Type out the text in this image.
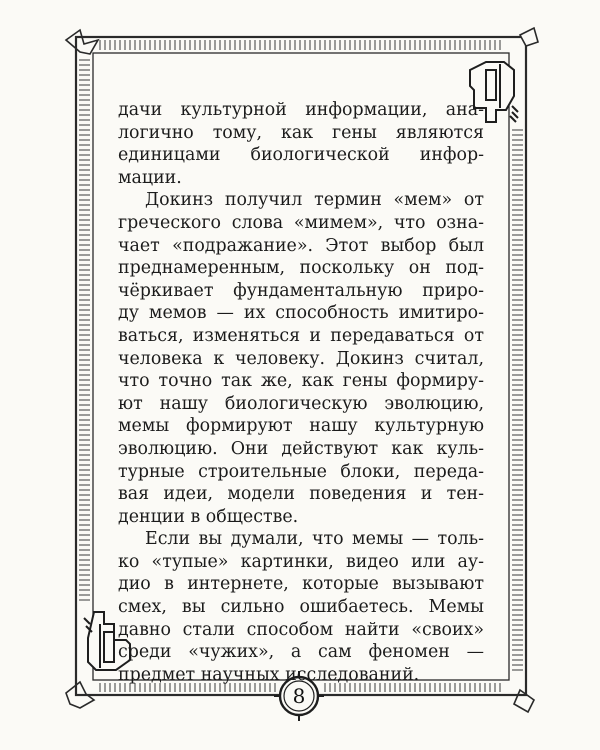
дачи культурной информации, ана-
логично тому, как гены являются
единицами биологической инфор-
мации.
Докинз получил термин «мем» от
греческого слова «мимем», что озна-
чает «подражание». Этот выбор был
преднамеренным, поскольку он под-
чёркивает фундаментальную приро-
ду мемов — их способность имитиро-
ваться, изменяться и передаваться от
человека к человеку. Докинз считал,
что точно так же, как гены формиру-
ют нашу биологическую эволюцию,
мемы формируют нашу культурную
эволюцию. Они действуют как куль-
турные строительные блоки, переда-
вая идеи, модели поведения и тен-
денции в обществе.
Если вы думали, что мемы — толь-
ко «тупые» картинки, видео или ау-
дио в интернете, которые вызывают
смех, вы сильно ошибаетесь. Мемы
давно стали способом найти «своих»
среди «чужих», а сам феномен —
предмет научных исследований.
8
